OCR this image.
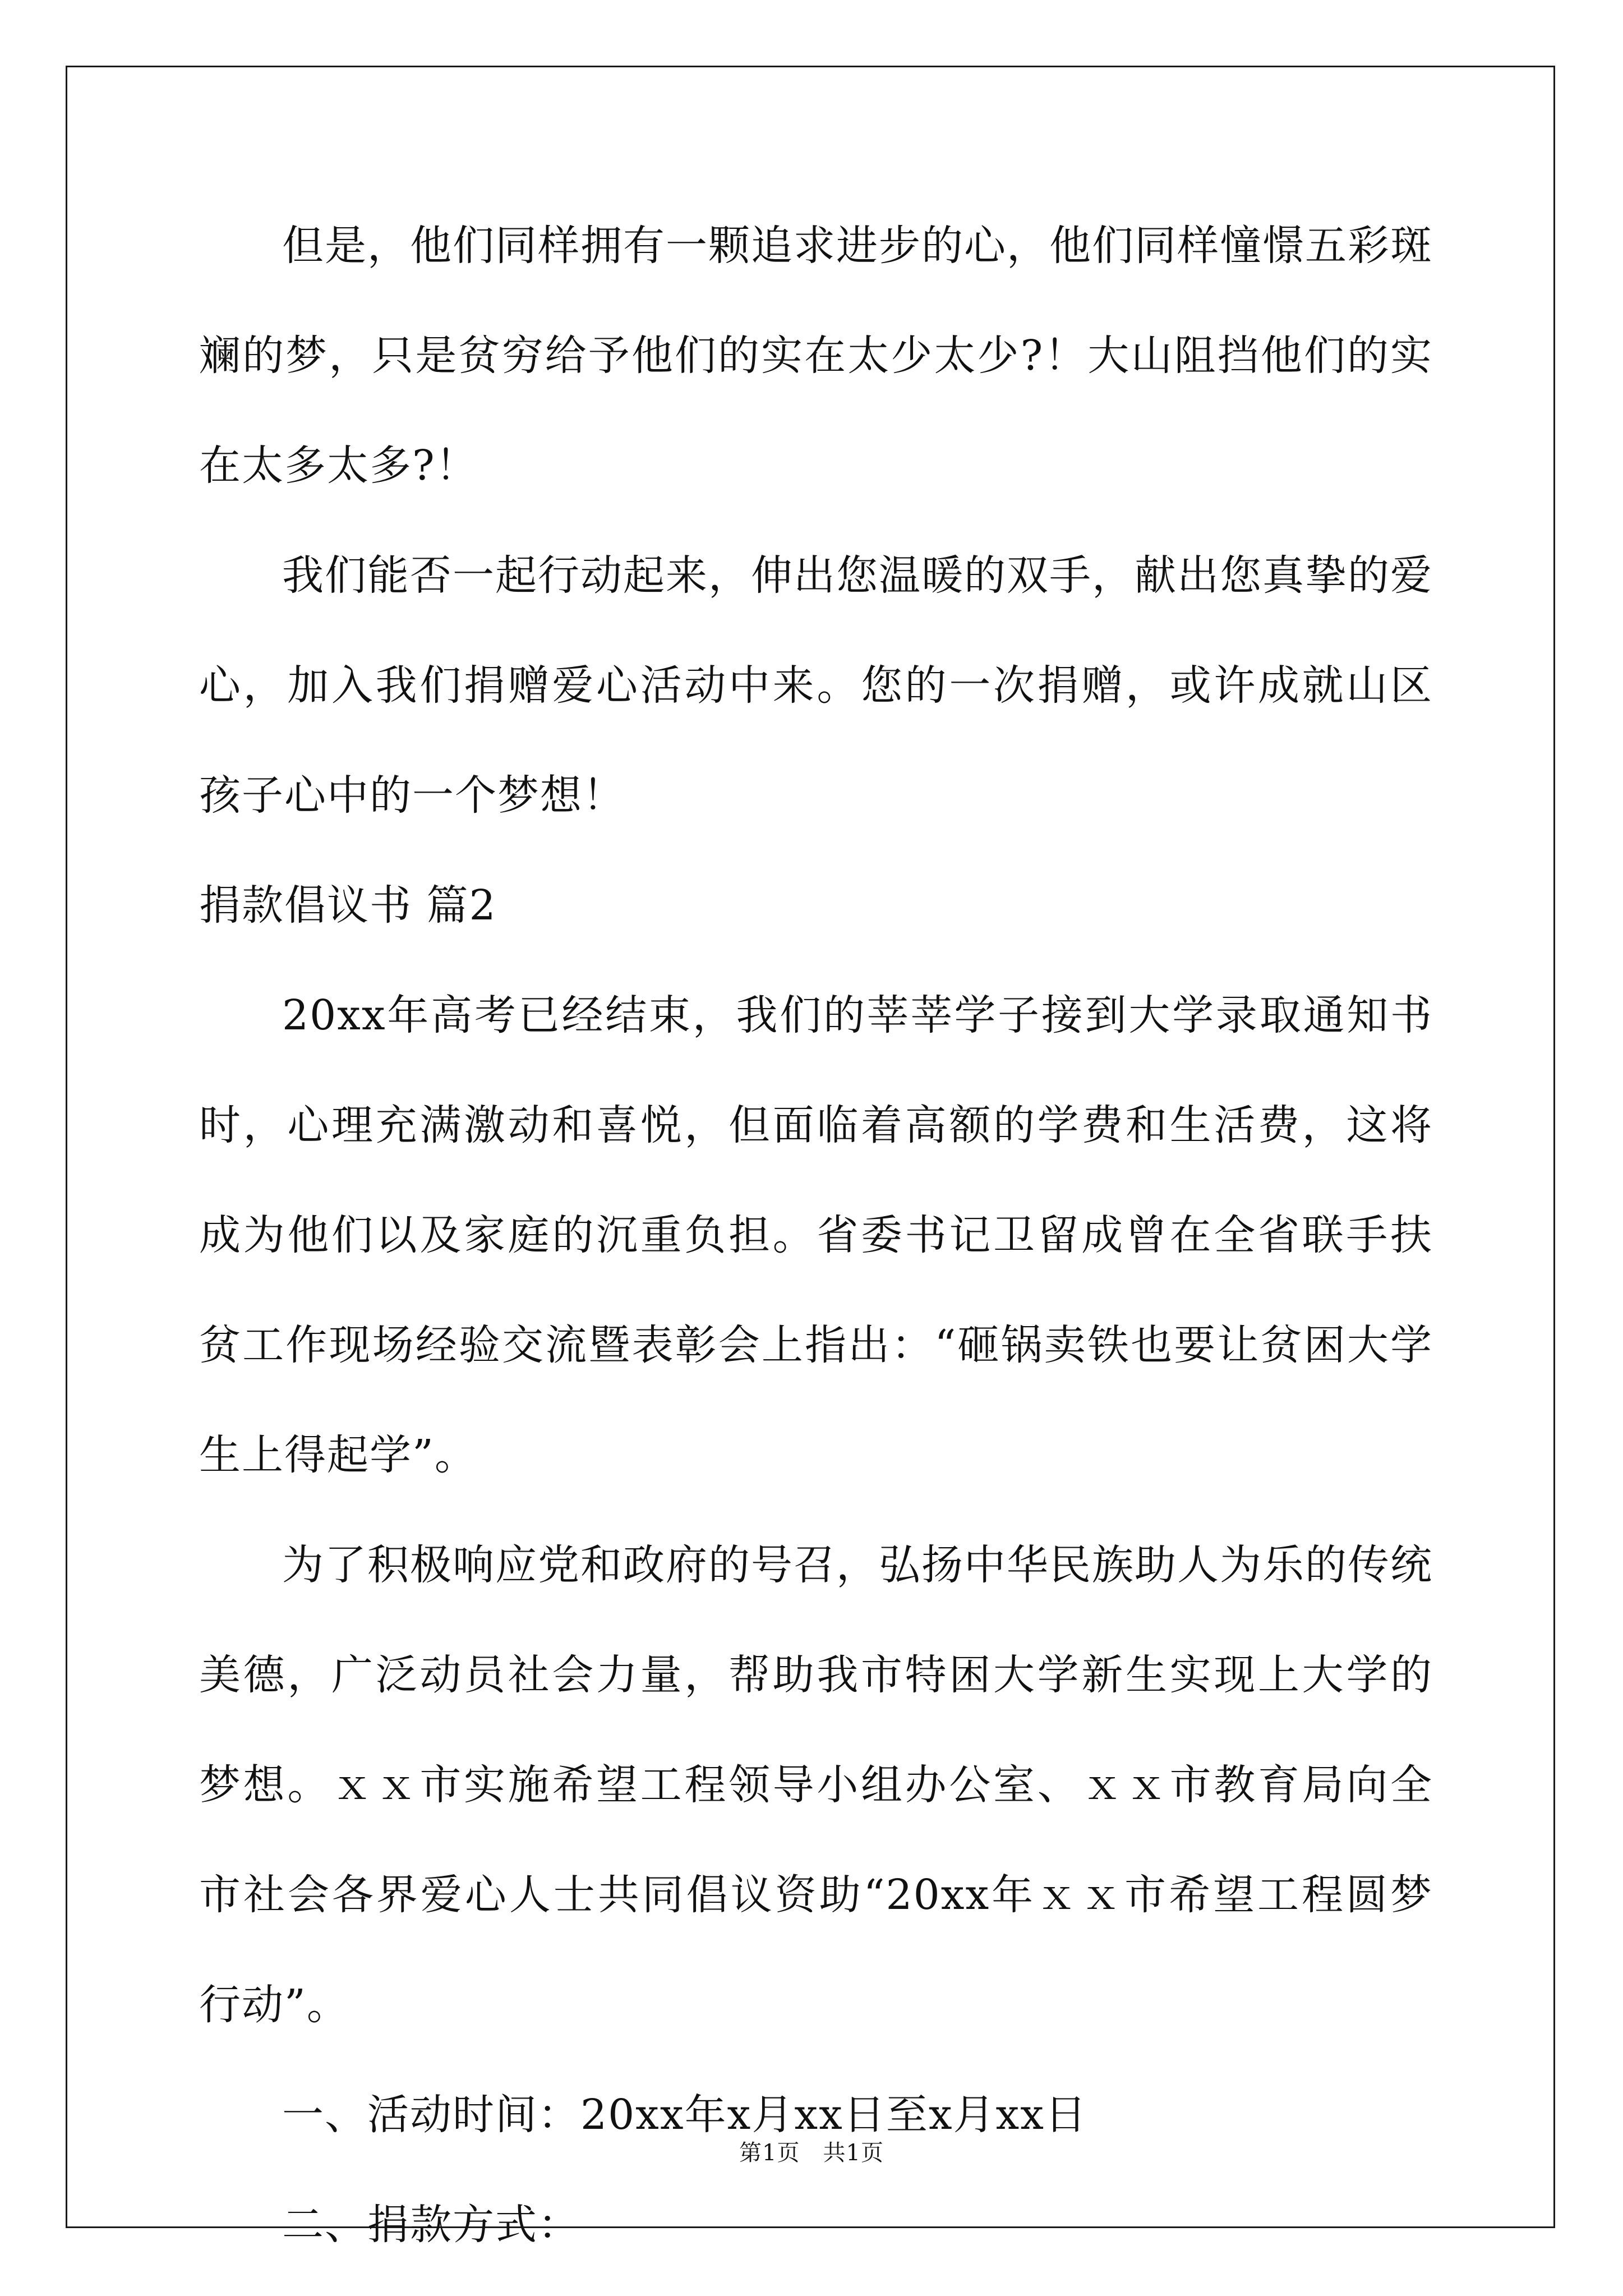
但是，他们同样拥有一颗追求进步的心，他们同样憧憬五彩斑斓的梦，只是贫穷给予他们的实在太少太少?！大山阻挡他们的实在太多太多?！

我们能否一起行动起来，伸出您温暖的双手，献出您真挚的爱心，加入我们捐赠爱心活动中来。您的一次捐赠，或许成就山区孩子心中的一个梦想！

捐款倡议书 篇2

20xx年高考已经结束，我们的莘莘学子接到大学录取通知书时，心理充满激动和喜悦，但面临着高额的学费和生活费，这将成为他们以及家庭的沉重负担。省委书记卫留成曾在全省联手扶贫工作现场经验交流暨表彰会上指出：“砸锅卖铁也要让贫困大学生上得起学”。

为了积极响应党和政府的号召，弘扬中华民族助人为乐的传统美德，广泛动员社会力量，帮助我市特困大学新生实现上大学的梦想。ｘｘ市实施希望工程领导小组办公室、ｘｘ市教育局向全市社会各界爱心人士共同倡议资助“20xx年ｘｘ市希望工程圆梦行动”。

一、活动时间：20xx年x月xx日至x月xx日

二、捐款方式：

第1页　共1页
